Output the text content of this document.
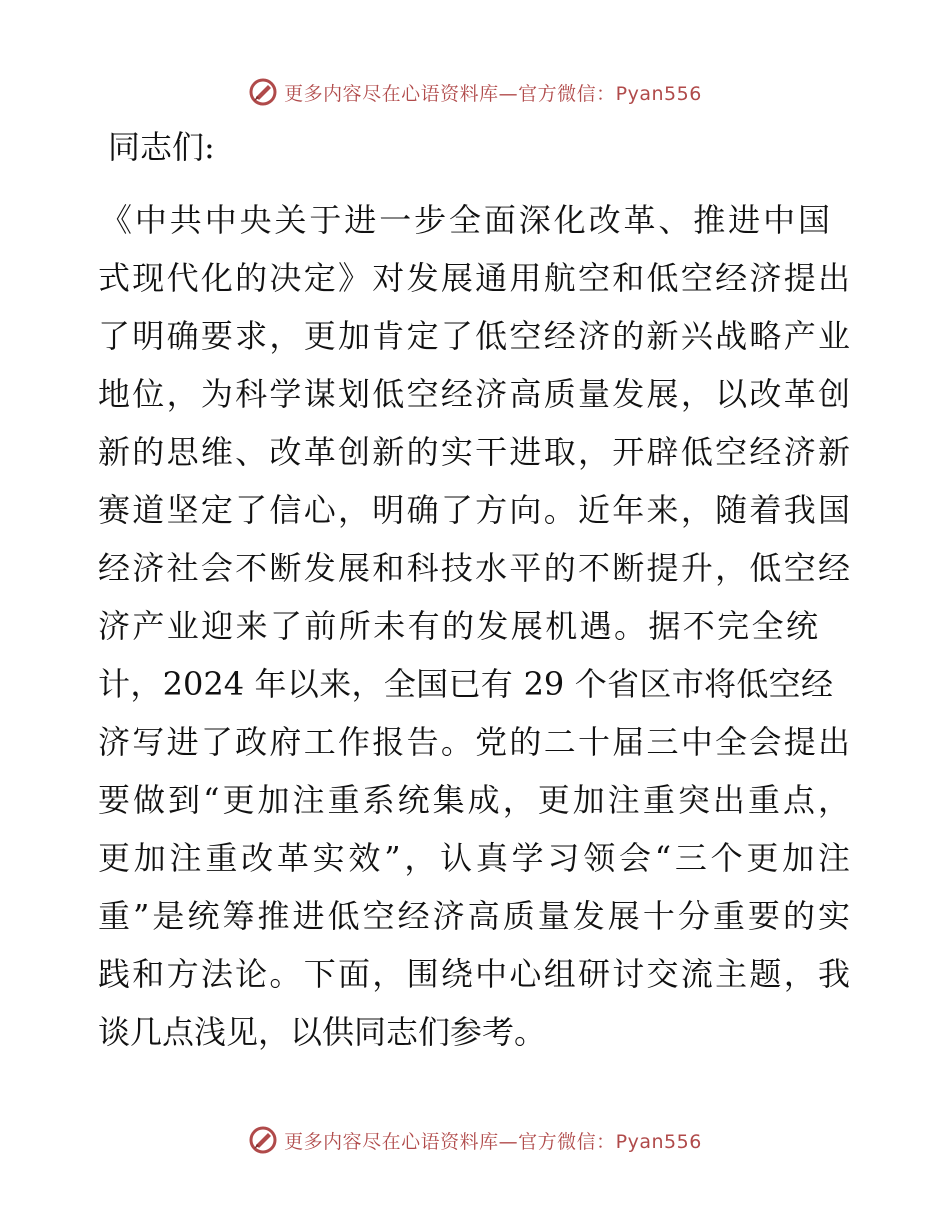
更多内容尽在心语资料库—官方微信：Pyan556
同志们:
《中共中央关于进一步全面深化改革、推进中国
式现代化的决定》对发展通用航空和低空经济提出
了明确要求，更加肯定了低空经济的新兴战略产业
地位，为科学谋划低空经济高质量发展，以改革创
新的思维、改革创新的实干进取，开辟低空经济新
赛道坚定了信心，明确了方向。近年来，随着我国
经济社会不断发展和科技水平的不断提升，低空经
济产业迎来了前所未有的发展机遇。据不完全统
计，2024 年以来，全国已有 29 个省区市将低空经
济写进了政府工作报告。党的二十届三中全会提出
要做到“更加注重系统集成，更加注重突出重点，
更加注重改革实效”，认真学习领会“三个更加注
重”是统筹推进低空经济高质量发展十分重要的实
践和方法论。下面，围绕中心组研讨交流主题，我
谈几点浅见，以供同志们参考。
更多内容尽在心语资料库—官方微信：Pyan556
